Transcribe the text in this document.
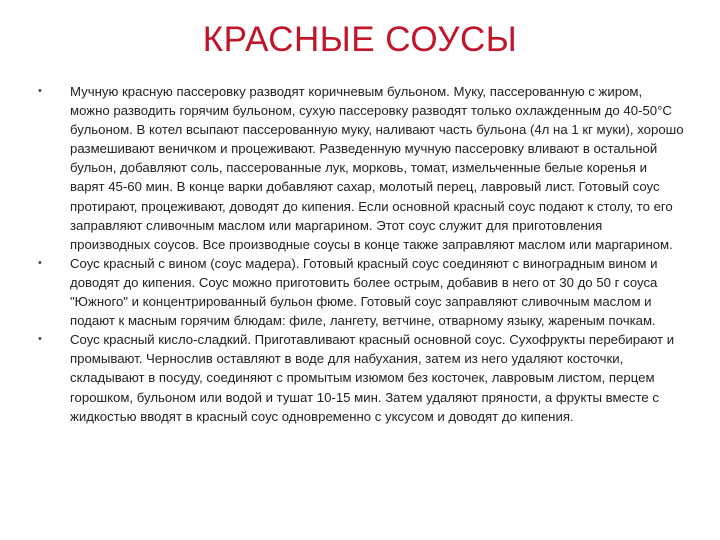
КРАСНЫЕ СОУСЫ
•	Мучную красную пассеровку разводят коричневым бульоном. Муку, пассерованную с жиром, можно разводить горячим бульоном, сухую пассеровку разводят только охлажденным до 40-50°С бульоном. В котел всыпают пассерованную муку, наливают часть бульона (4л на 1 кг муки), хорошо размешивают веничком и процеживают. Разведенную мучную пассеровку вливают в остальной бульон, добавляют соль, пассерованные лук, морковь, томат, измельченные белые коренья и варят 45-60 мин. В конце варки добавляют сахар, молотый перец, лавровый лист. Готовый соус протирают, процеживают, доводят до кипения. Если основной красный соус подают к столу, то его заправляют сливочным маслом или маргарином. Этот соус служит для приготовления производных соусов. Все производные соусы в конце также заправляют маслом или маргарином.
•	Соус красный с вином (соус мадера). Готовый красный соус соединяют с виноградным вином и доводят до кипения. Соус можно приготовить более острым, добавив в него от 30 до 50 г соуса "Южного" и концентрированный бульон фюме. Готовый соус заправляют сливочным маслом и подают к масным горячим блюдам: филе, лангету, ветчине, отварному языку, жареным почкам.
•	Соус красный кисло-сладкий. Приготавливают красный основной соус. Сухофрукты перебирают и промывают. Чернослив оставляют в воде для набухания, затем из него удаляют косточки, складывают в посуду, соединяют с промытым изюмом без косточек, лавровым листом, перцем горошком, бульоном или водой и тушат 10-15 мин. Затем удаляют пряности, а фрукты вместе с жидкостью вводят в красный соус одновременно с уксусом и доводят до кипения.
